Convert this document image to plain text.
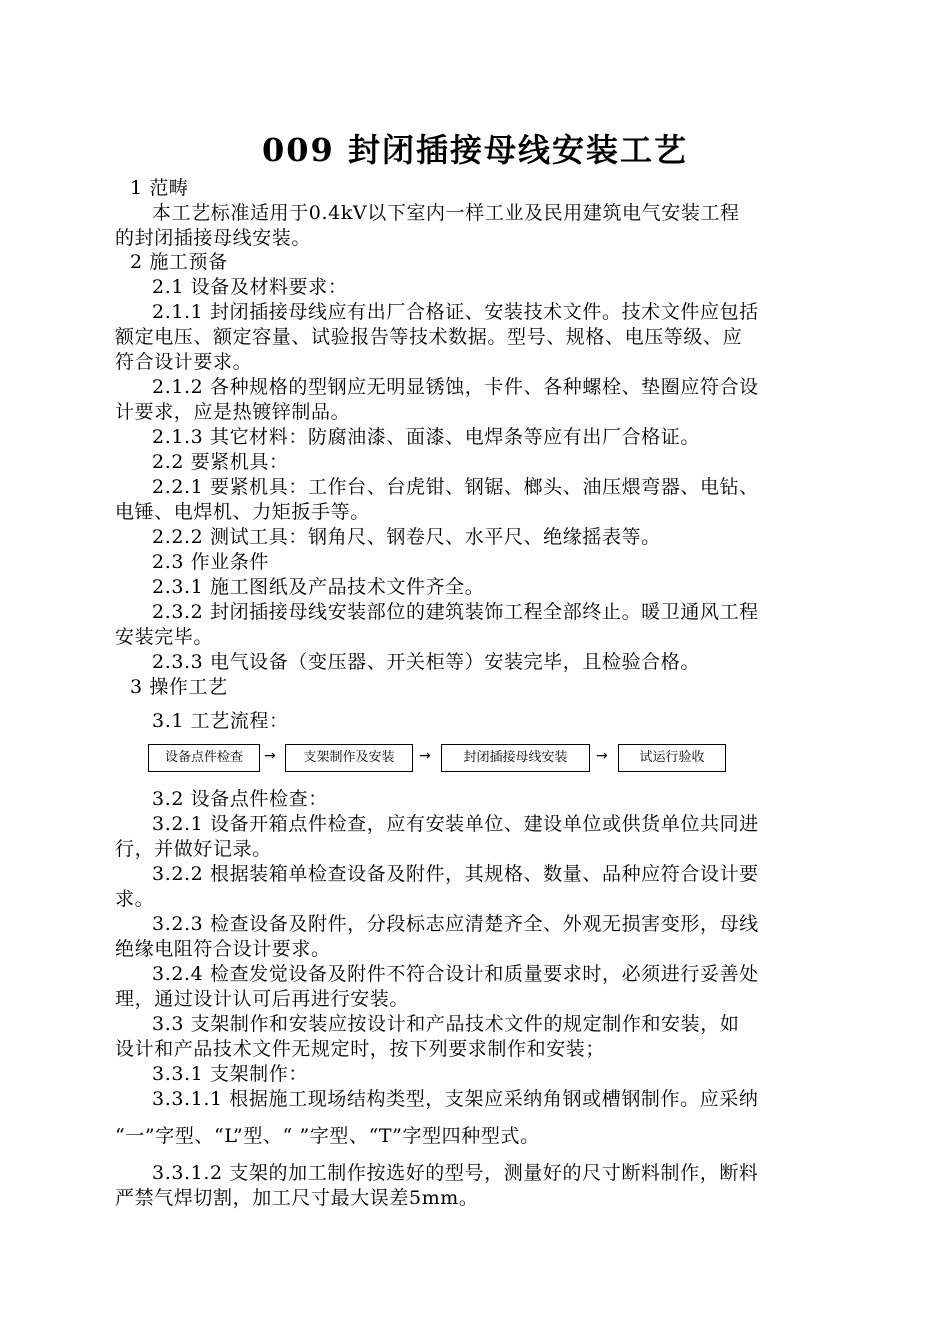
009 封闭插接母线安装工艺
1 范畴
本工艺标准适用于0.4kV以下室内一样工业及民用建筑电气安装工程
的封闭插接母线安装。
2 施工预备
2.1 设备及材料要求：
2.1.1 封闭插接母线应有出厂合格证、安装技术文件。技术文件应包括
额定电压、额定容量、试验报告等技术数据。型号、规格、电压等级、应
符合设计要求。
2.1.2 各种规格的型钢应无明显锈蚀，卡件、各种螺栓、垫圈应符合设
计要求，应是热镀锌制品。
2.1.3 其它材料：防腐油漆、面漆、电焊条等应有出厂合格证。
2.2 要紧机具：
2.2.1 要紧机具：工作台、台虎钳、钢锯、榔头、油压煨弯器、电钻、
电锤、电焊机、力矩扳手等。
2.2.2 测试工具：钢角尺、钢卷尺、水平尺、绝缘摇表等。
2.3 作业条件
2.3.1 施工图纸及产品技术文件齐全。
2.3.2 封闭插接母线安装部位的建筑装饰工程全部终止。暖卫通风工程
安装完毕。
2.3.3 电气设备（变压器、开关柜等）安装完毕，且检验合格。
3 操作工艺
3.1 工艺流程：
设备点件检查	→	支架制作及安装	→	封闭插接母线安装	→	试运行验收
3.2 设备点件检查：
3.2.1 设备开箱点件检查，应有安装单位、建设单位或供货单位共同进
行，并做好记录。
3.2.2 根据装箱单检查设备及附件，其规格、数量、品种应符合设计要
求。
3.2.3 检查设备及附件，分段标志应清楚齐全、外观无损害变形，母线
绝缘电阻符合设计要求。
3.2.4 检查发觉设备及附件不符合设计和质量要求时，必须进行妥善处
理，通过设计认可后再进行安装。
3.3 支架制作和安装应按设计和产品技术文件的规定制作和安装，如
设计和产品技术文件无规定时，按下列要求制作和安装；
3.3.1 支架制作：
3.3.1.1 根据施工现场结构类型，支架应采纳角钢或槽钢制作。应采纳
“一”字型、“L”型、“ ”字型、“T”字型四种型式。
3.3.1.2 支架的加工制作按选好的型号，测量好的尺寸断料制作，断料
严禁气焊切割，加工尺寸最大误差5mm。
